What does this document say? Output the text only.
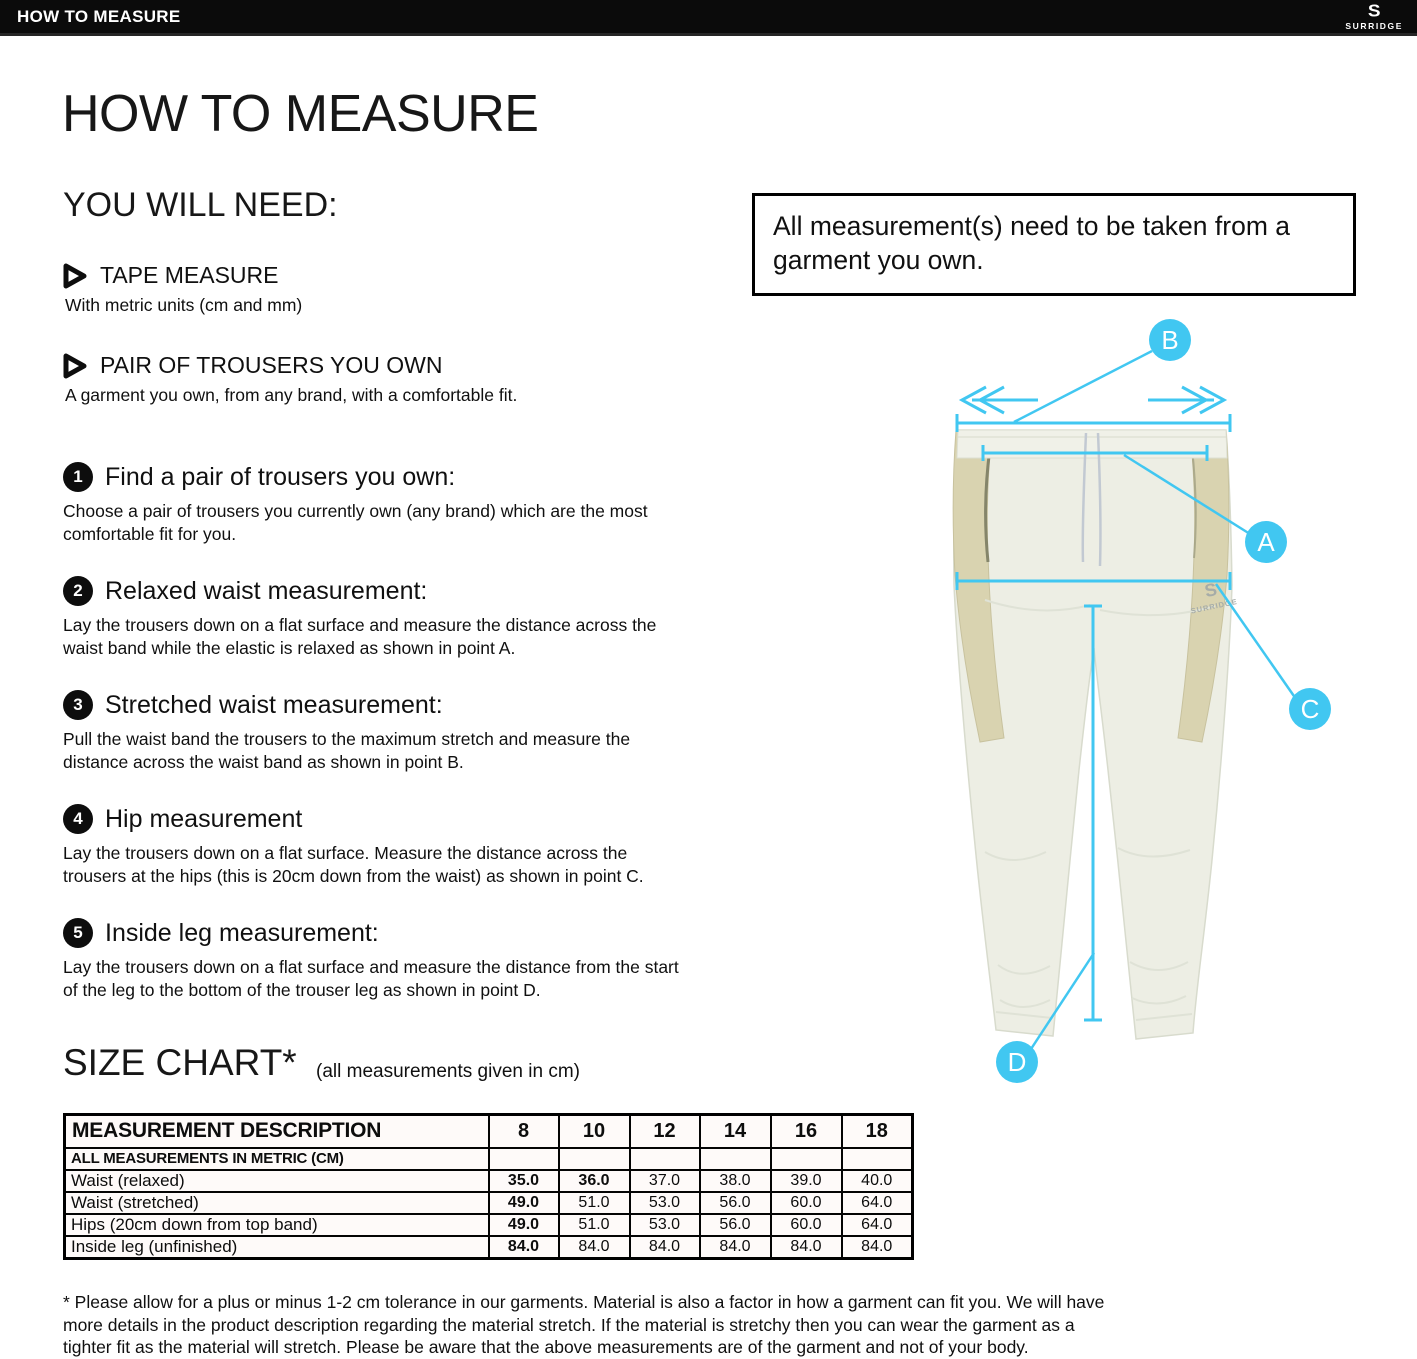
HOW TO MEASURE	S
SURRIDGE
HOW TO MEASURE
YOU WILL NEED:
TAPE MEASURE
With metric units (cm and mm)
PAIR OF TROUSERS YOU OWN
A garment you own, from any brand, with a comfortable fit.
All measurement(s) need to be taken from a garment you own.
1 Find a pair of trousers you own:
Choose a pair of trousers you currently own (any brand) which are the most comfortable fit for you.
2 Relaxed waist measurement:
Lay the trousers down on a flat surface and measure the distance across the waist band while the elastic is relaxed as shown in point A.
3 Stretched waist measurement:
Pull the waist band the trousers to the maximum stretch and measure the distance across the waist band as shown in point B.
4 Hip measurement
Lay the trousers down on a flat surface. Measure the distance across the trousers at the hips (this is 20cm down from the waist) as shown in point C.
5 Inside leg measurement:
Lay the trousers down on a flat surface and measure the distance from the start of the leg to the bottom of the trouser leg as shown in point D.
S
SURRIDGE
B
A
C
D
SIZE CHART* (all measurements given in cm)
MEASUREMENT DESCRIPTION	8	10	12	14	16	18
ALL MEASUREMENTS IN METRIC (CM)						
Waist (relaxed)	35.0	36.0	37.0	38.0	39.0	40.0
Waist (stretched)	49.0	51.0	53.0	56.0	60.0	64.0
Hips (20cm down from top band)	49.0	51.0	53.0	56.0	60.0	64.0
Inside leg (unfinished)	84.0	84.0	84.0	84.0	84.0	84.0
* Please allow for a plus or minus 1-2 cm tolerance in our garments. Material is also a factor in how a garment can fit you. We will have more details in the product description regarding the material stretch. If the material is stretchy then you can wear the garment as a tighter fit as the material will stretch. Please be aware that the above measurements are of the garment and not of your body.
